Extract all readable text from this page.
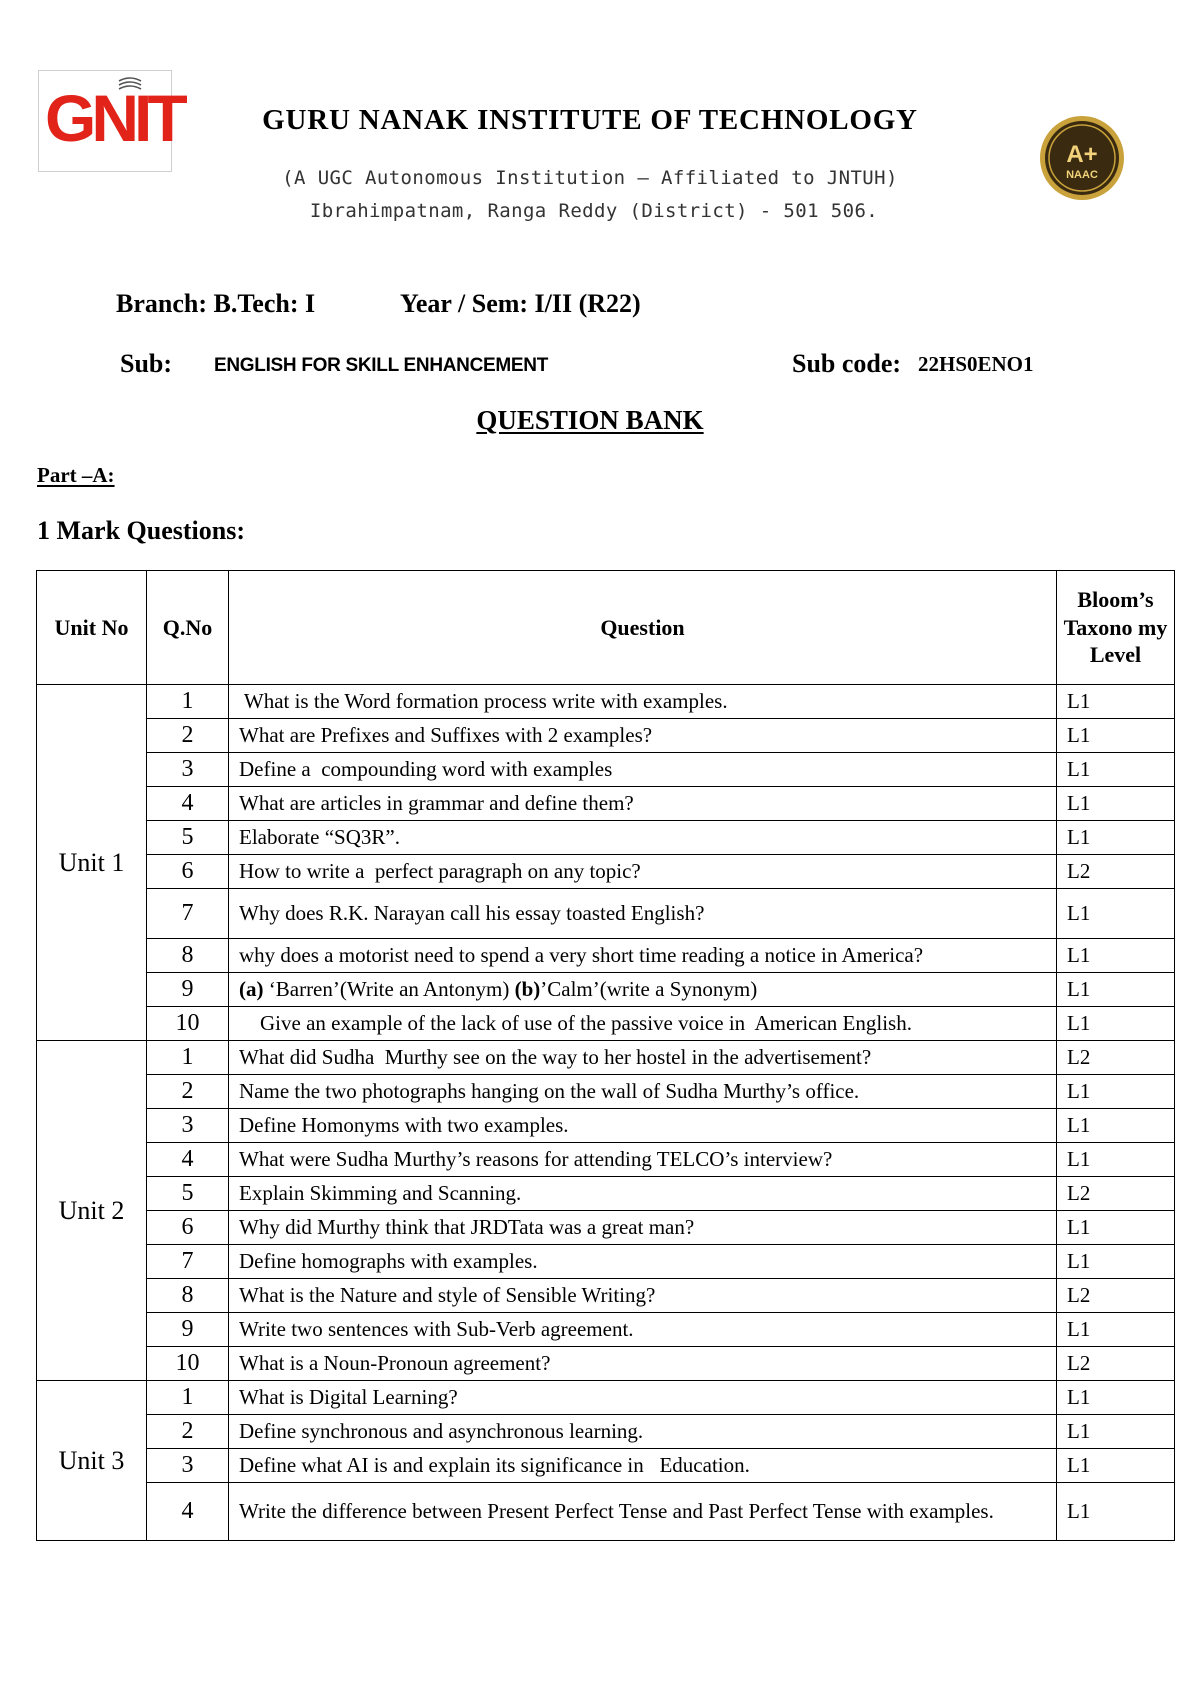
GNIT	GURU NANAK INSTITUTE OF TECHNOLOGY
(A UGC Autonomous Institution – Affiliated to JNTUH)
Ibrahimpatnam, Ranga Reddy (District) - 501 506.
A+
NAAC
Branch: B.Tech: I	Year / Sem: I/II (R22)
Sub: ENGLISH FOR SKILL ENHANCEMENT	Sub code: 22HS0ENO1
QUESTION BANK
Part –A:
1 Mark Questions:
Unit No	Q.No	Question	Bloom’s Taxono my Level
Unit 1	1	What is the Word formation process write with examples.	L1
	2	What are Prefixes and Suffixes with 2 examples?	L1
	3	Define a  compounding word with examples	L1
	4	What are articles in grammar and define them?	L1
	5	Elaborate “SQ3R”.	L1
	6	How to write a  perfect paragraph on any topic?	L2
	7	Why does R.K. Narayan call his essay toasted English?	L1
	8	why does a motorist need to spend a very short time reading a notice in America?	L1
	9	(a) ‘Barren’(Write an Antonym) (b)’Calm’(write a Synonym)	L1
	10	Give an example of the lack of use of the passive voice in  American English.	L1
Unit 2	1	What did Sudha  Murthy see on the way to her hostel in the advertisement?	L2
	2	Name the two photographs hanging on the wall of Sudha Murthy’s office.	L1
	3	Define Homonyms with two examples.	L1
	4	What were Sudha Murthy’s reasons for attending TELCO’s interview?	L1
	5	Explain Skimming and Scanning.	L2
	6	Why did Murthy think that JRDTata was a great man?	L1
	7	Define homographs with examples.	L1
	8	What is the Nature and style of Sensible Writing?	L2
	9	Write two sentences with Sub-Verb agreement.	L1
	10	What is a Noun-Pronoun agreement?	L2
Unit 3	1	What is Digital Learning?	L1
	2	Define synchronous and asynchronous learning.	L1
	3	Define what AI is and explain its significance in   Education.	L1
	4	Write the difference between Present Perfect Tense and Past Perfect Tense with examples.	L1
